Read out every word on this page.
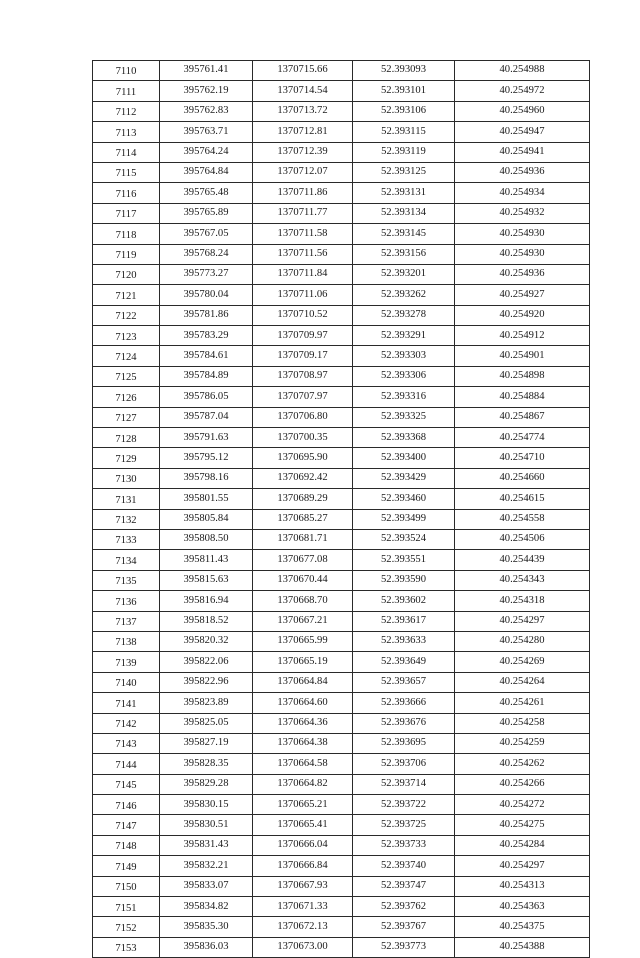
7110	395761.41	1370715.66	52.393093	40.254988
7111	395762.19	1370714.54	52.393101	40.254972
7112	395762.83	1370713.72	52.393106	40.254960
7113	395763.71	1370712.81	52.393115	40.254947
7114	395764.24	1370712.39	52.393119	40.254941
7115	395764.84	1370712.07	52.393125	40.254936
7116	395765.48	1370711.86	52.393131	40.254934
7117	395765.89	1370711.77	52.393134	40.254932
7118	395767.05	1370711.58	52.393145	40.254930
7119	395768.24	1370711.56	52.393156	40.254930
7120	395773.27	1370711.84	52.393201	40.254936
7121	395780.04	1370711.06	52.393262	40.254927
7122	395781.86	1370710.52	52.393278	40.254920
7123	395783.29	1370709.97	52.393291	40.254912
7124	395784.61	1370709.17	52.393303	40.254901
7125	395784.89	1370708.97	52.393306	40.254898
7126	395786.05	1370707.97	52.393316	40.254884
7127	395787.04	1370706.80	52.393325	40.254867
7128	395791.63	1370700.35	52.393368	40.254774
7129	395795.12	1370695.90	52.393400	40.254710
7130	395798.16	1370692.42	52.393429	40.254660
7131	395801.55	1370689.29	52.393460	40.254615
7132	395805.84	1370685.27	52.393499	40.254558
7133	395808.50	1370681.71	52.393524	40.254506
7134	395811.43	1370677.08	52.393551	40.254439
7135	395815.63	1370670.44	52.393590	40.254343
7136	395816.94	1370668.70	52.393602	40.254318
7137	395818.52	1370667.21	52.393617	40.254297
7138	395820.32	1370665.99	52.393633	40.254280
7139	395822.06	1370665.19	52.393649	40.254269
7140	395822.96	1370664.84	52.393657	40.254264
7141	395823.89	1370664.60	52.393666	40.254261
7142	395825.05	1370664.36	52.393676	40.254258
7143	395827.19	1370664.38	52.393695	40.254259
7144	395828.35	1370664.58	52.393706	40.254262
7145	395829.28	1370664.82	52.393714	40.254266
7146	395830.15	1370665.21	52.393722	40.254272
7147	395830.51	1370665.41	52.393725	40.254275
7148	395831.43	1370666.04	52.393733	40.254284
7149	395832.21	1370666.84	52.393740	40.254297
7150	395833.07	1370667.93	52.393747	40.254313
7151	395834.82	1370671.33	52.393762	40.254363
7152	395835.30	1370672.13	52.393767	40.254375
7153	395836.03	1370673.00	52.393773	40.254388
